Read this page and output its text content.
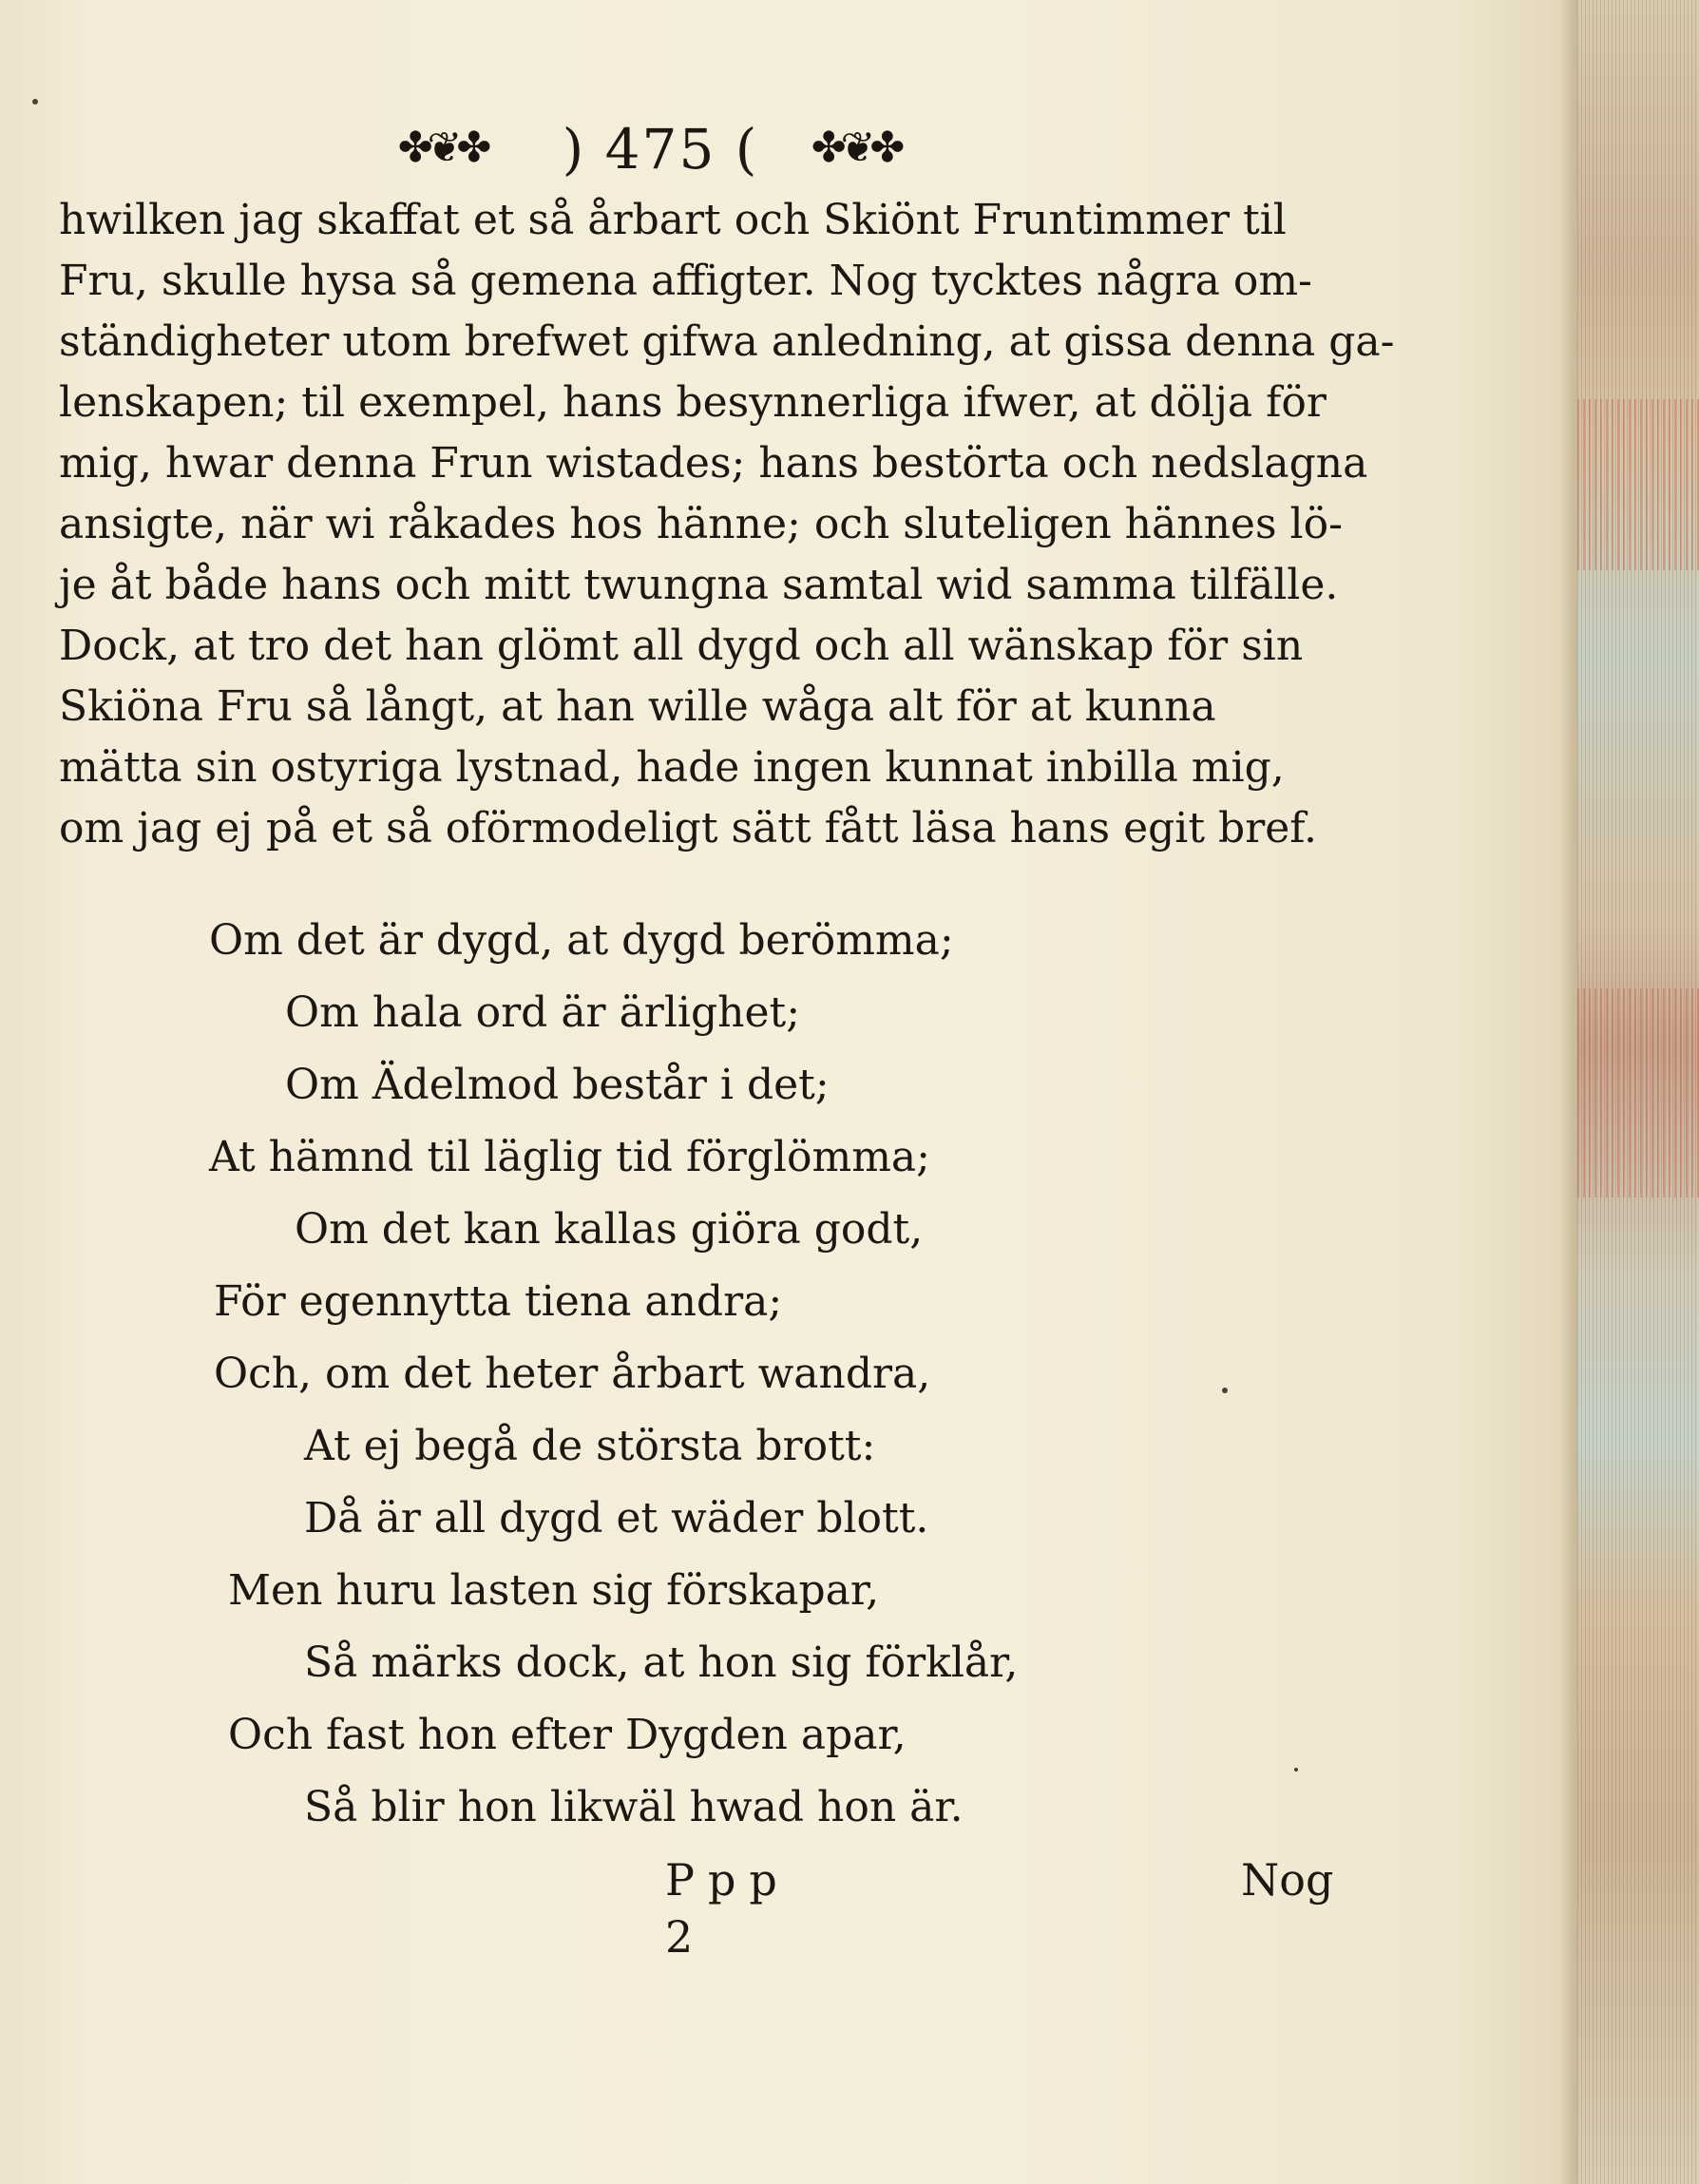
✤❦✤ ) 475 (	✤❦✤
hwilken jag skaffat et så årbart och Skiönt Fruntimmer til
Fru, skulle hysa så gemena affigter. Nog tycktes några om-
ständigheter utom brefwet gifwa anledning, at gissa denna ga-
lenskapen; til exempel, hans besynnerliga ifwer, at dölja för
mig, hwar denna Frun wistades; hans bestörta och nedslagna
ansigte, när wi råkades hos hänne; och sluteligen hännes lö-
je åt både hans och mitt twungna samtal wid samma tilfälle.
Dock, at tro det han glömt all dygd och all wänskap för sin
Skiöna Fru så långt, at han wille wåga alt för at kunna
mätta sin ostyriga lystnad, hade ingen kunnat inbilla mig,
om jag ej på et så oförmodeligt sätt fått läsa hans egit bref.
Om det är dygd, at dygd berömma;
Om hala ord är ärlighet;
Om Ädelmod består i det;
At hämnd til läglig tid förglömma;
Om det kan kallas giöra godt,
För egennytta tiena andra;
Och, om det heter årbart wandra,
At ej begå de största brott:
Då är all dygd et wäder blott.
Men huru lasten sig förskapar,
Så märks dock, at hon sig förklår,
Och fast hon efter Dygden apar,
Så blir hon likwäl hwad hon är.
Ppp 2
Nog
